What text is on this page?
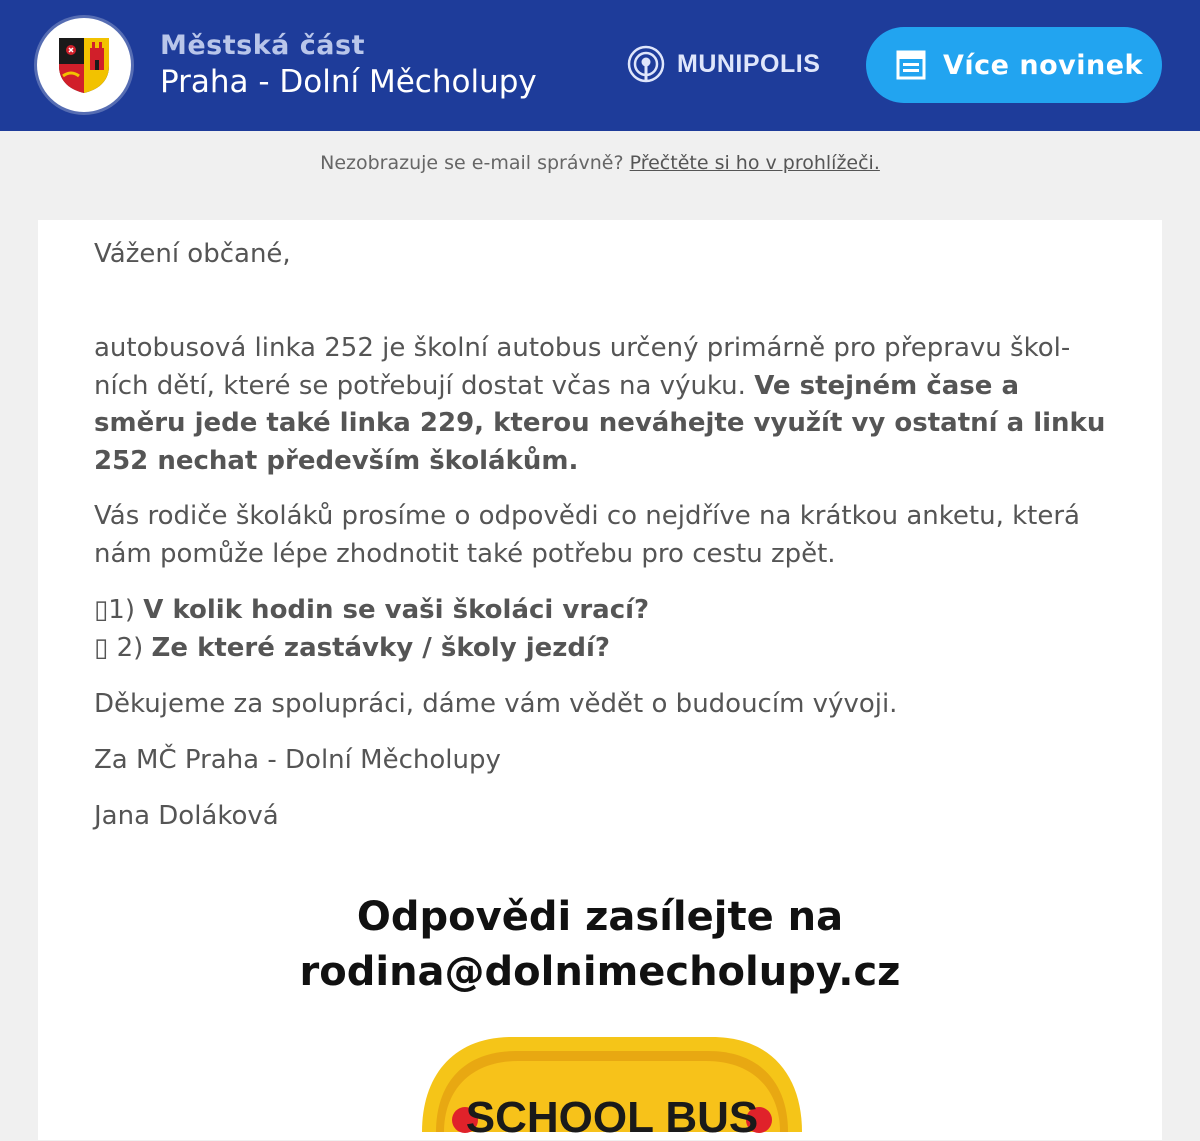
Městská část
Praha - Dolní Měcholupy
MUNIPOLIS	Více novinek
Nezobrazuje se e-mail správně? Přečtěte si ho v prohlížeči.

Vážení občané,

autobusová linka 252 je školní autobus určený primárně pro přepravu škol-ních dětí, které se potřebují dostat včas na výuku. Ve stejném čase a směru jede také linka 229, kterou neváhejte využít vy ostatní a linku 252 nechat především školákům.

Vás rodiče školáků prosíme o odpovědi co nejdříve na krátkou anketu, která nám pomůže lépe zhodnotit také potřebu pro cestu zpět.

▯1) V kolik hodin se vaši školáci vrací?
▯ 2) Ze které zastávky / školy jezdí?

Děkujeme za spolupráci, dáme vám vědět o budoucím vývoji.

Za MČ Praha - Dolní Měcholupy

Jana Doláková

Odpovědi zasílejte na
rodina@dolnimecholupy.cz
SCHOOL BUS
